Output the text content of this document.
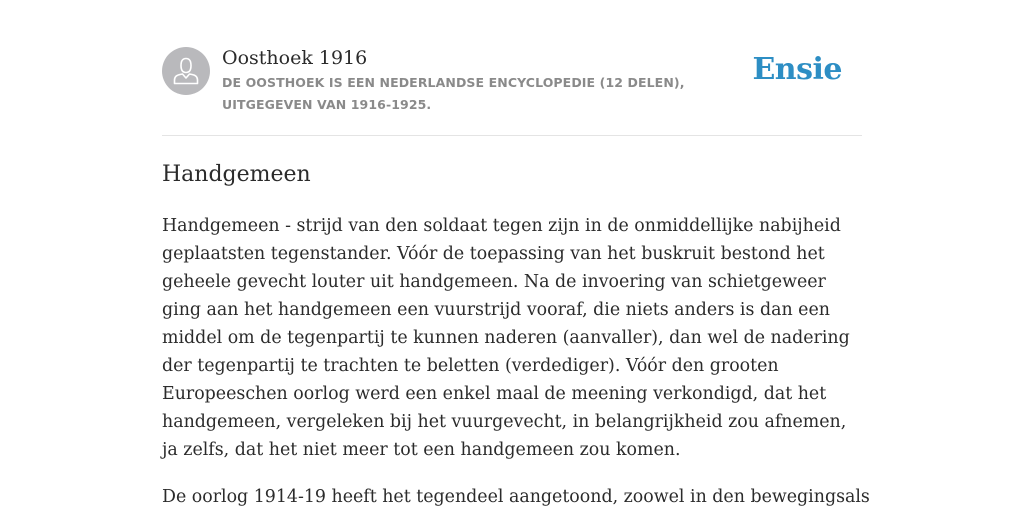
Oosthoek 1916
DE OOSTHOEK IS EEN NEDERLANDSE ENCYCLOPEDIE (12 DELEN), UITGEGEVEN VAN 1916-1925.
Ensie
Handgemeen

Handgemeen - strijd van den soldaat tegen zijn in de onmiddellijke nabijheid geplaatsten tegenstander. Vóór de toepassing van het buskruit bestond het geheele gevecht louter uit handgemeen. Na de invoering van schietgeweer ging aan het handgemeen een vuurstrijd vooraf, die niets anders is dan een middel om de tegenpartij te kunnen naderen (aanvaller), dan wel de nadering der tegenpartij te trachten te beletten (verdediger). Vóór den grooten Europeeschen oorlog werd een enkel maal de meening verkondigd, dat het handgemeen, vergeleken bij het vuurgevecht, in belangrijkheid zou afnemen, ja zelfs, dat het niet meer tot een handgemeen zou komen.

De oorlog 1914-19 heeft het tegendeel aangetoond, zoowel in den bewegingsals
